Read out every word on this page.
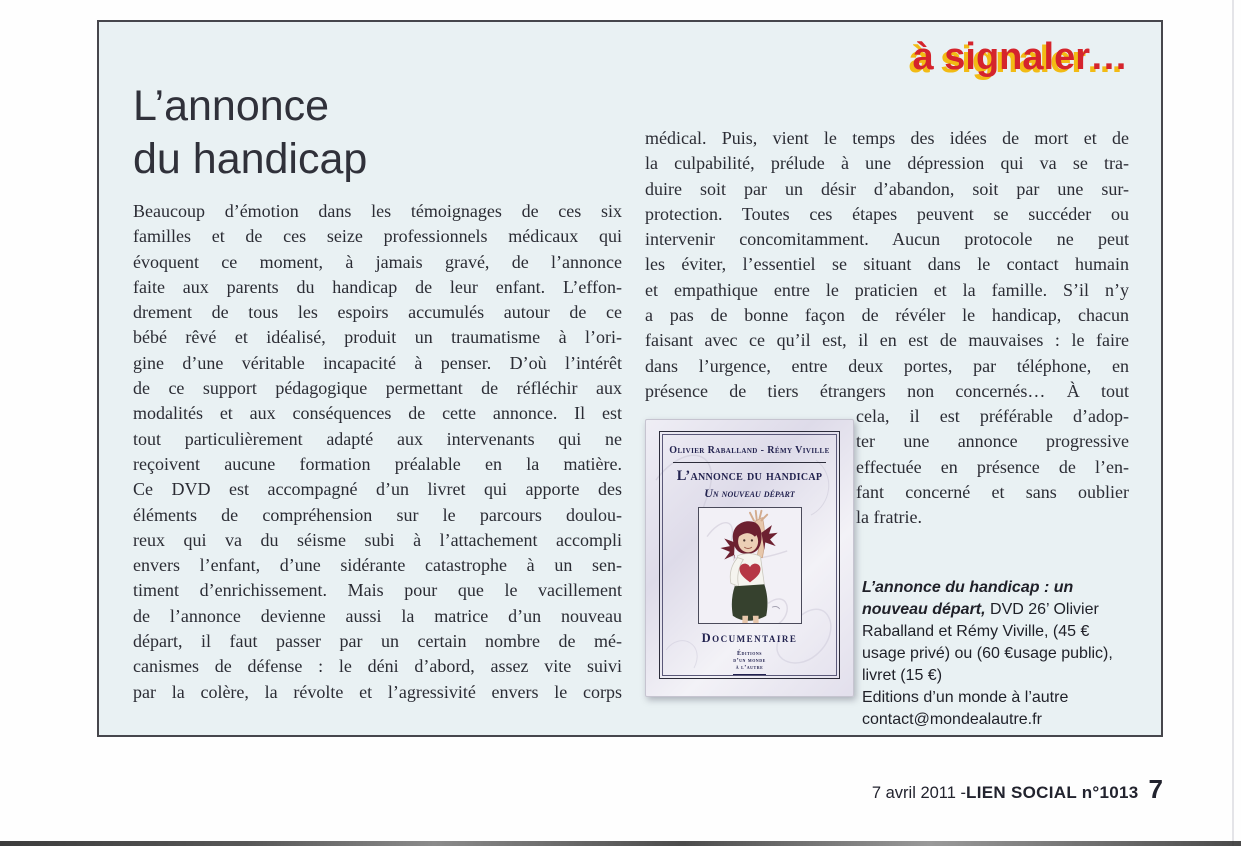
à signaler…
L’annonce
du handicap
Beaucoup d’émotion dans les témoignages de ces six
familles et de ces seize professionnels médicaux qui
évoquent ce moment, à jamais gravé, de l’annonce
faite aux parents du handicap de leur enfant. L’effon-
drement de tous les espoirs accumulés autour de ce
bébé rêvé et idéalisé, produit un traumatisme à l’ori-
gine d’une véritable incapacité à penser. D’où l’intérêt
de ce support pédagogique permettant de réfléchir aux
modalités et aux conséquences de cette annonce. Il est
tout particulièrement adapté aux intervenants qui ne
reçoivent aucune formation préalable en la matière.
Ce DVD est accompagné d’un livret qui apporte des
éléments de compréhension sur le parcours doulou-
reux qui va du séisme subi à l’attachement accompli
envers l’enfant, d’une sidérante catastrophe à un sen-
timent d’enrichissement. Mais pour que le vacillement
de l’annonce devienne aussi la matrice d’un nouveau
départ, il faut passer par un certain nombre de mé-
canismes de défense : le déni d’abord, assez vite suivi
par la colère, la révolte et l’agressivité envers le corps
médical. Puis, vient le temps des idées de mort et de
la culpabilité, prélude à une dépression qui va se tra-
duire soit par un désir d’abandon, soit par une sur-
protection. Toutes ces étapes peuvent se succéder ou
intervenir concomitamment. Aucun protocole ne peut
les éviter, l’essentiel se situant dans le contact humain
et empathique entre le praticien et la famille. S’il n’y
a pas de bonne façon de révéler le handicap, chacun
faisant avec ce qu’il est, il en est de mauvaises : le faire
dans l’urgence, entre deux portes, par téléphone, en
présence de tiers étrangers non concernés… À tout
cela, il est préférable d’adop-
ter une annonce progressive
effectuée en présence de l’en-
fant concerné et sans oublier
la fratrie.
Olivier Raballand - Rémy Viville
L’annonce du handicap
Un nouveau départ
Documentaire
Éditions
d’un monde
à l’autre

L’annonce du handicap : un nouveau départ, DVD 26’ Olivier Raballand et Rémy Viville, (45 € usage privé) ou (60 €usage public), livret (15 €)

Editions d’un monde à l’autre

contact@mondealautre.fr

7 avril 2011 - LIEN SOCIAL n°1013 7
